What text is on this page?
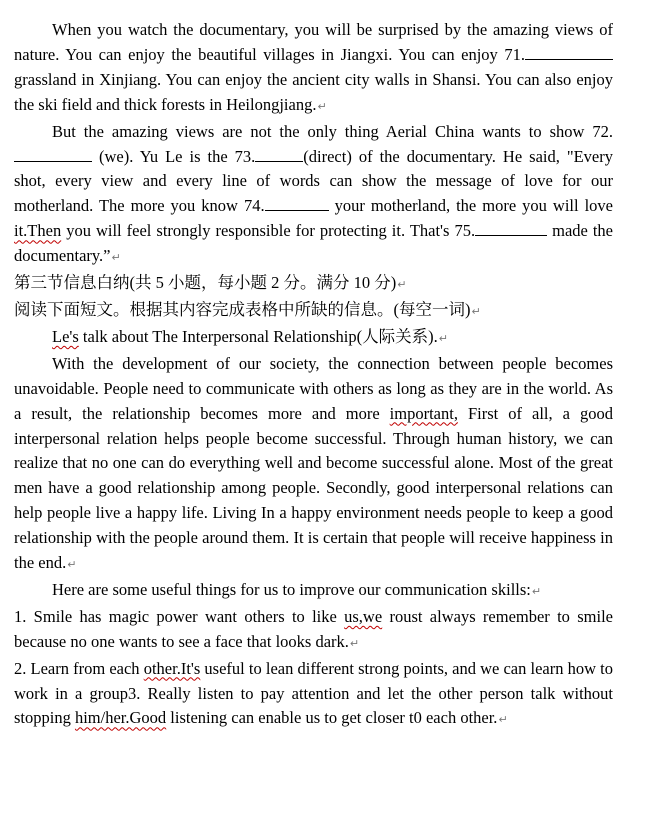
When you watch the documentary, you will be surprised by the amazing views of nature. You can enjoy the beautiful villages in Jiangxi. You can enjoy 71. grassland in Xinjiang. You can enjoy the ancient city walls in Shansi. You can also enjoy the ski field and thick forests in Heilongjiang.↵

But the amazing views are not the only thing Aerial China wants to show 72. (we). Yu Le is the 73.	(direct) of the documentary. He said, "Every shot, every view and every line of words can show the message of love for our motherland. The more you know 74.	your motherland, the more you will love it.Then you will feel strongly responsible for protecting it. That's 75.	made the documentary.”↵

第三节信息白纳(共 5 小题，每小题 2 分。满分 10 分)↵

阅读下面短文。根据其内容完成表格中所缺的信息。(每空一词)↵

Le's talk about The Interpersonal Relationship(人际关系).↵

With the development of our society, the connection between people becomes unavoidable. People need to communicate with others as long as they are in the world. As a result, the relationship becomes more and more important, First of all, a good interpersonal relation helps people become successful. Through human history, we can realize that no one can do everything well and become successful alone. Most of the great men have a good relationship among people. Secondly, good interpersonal relations can help people live a happy life. Living In a happy environment needs people to keep a good relationship with the people around them. It is certain that people will receive happiness in the end.↵

Here are some useful things for us to improve our communication skills:↵

1. Smile has magic power want others to like us,we roust always remember to smile because no one wants to see a face that looks dark.↵

2. Learn from each other.It's useful to lean different strong points, and we can learn how to work in a group3. Really listen to pay attention and let the other person talk without stopping him/her.Good listening can enable us to get closer t0 each other.↵
